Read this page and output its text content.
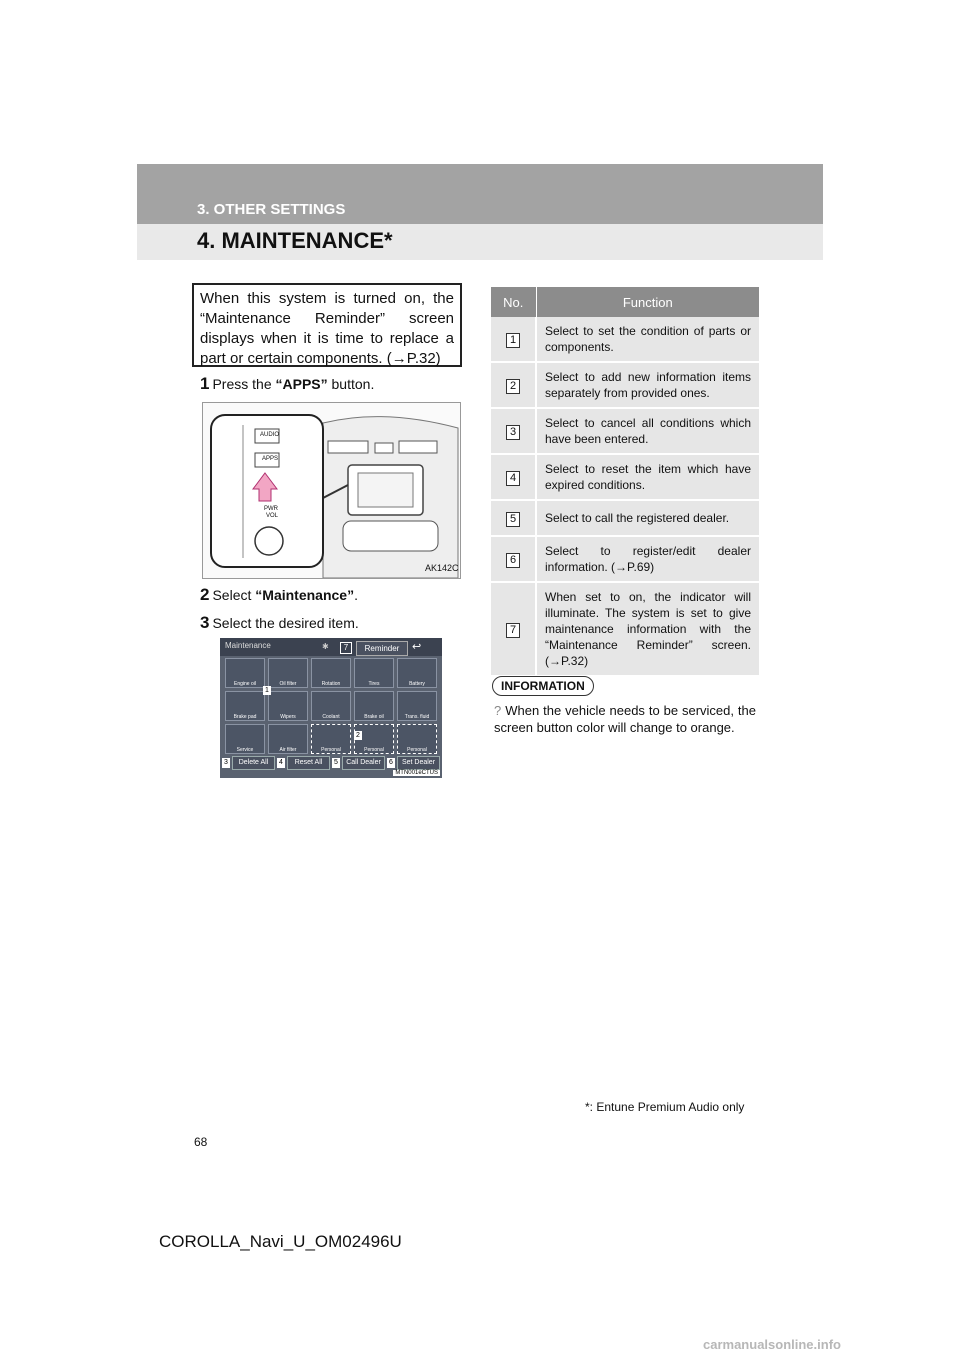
3. OTHER SETTINGS
4. MAINTENANCE*
When this system is turned on, the “Maintenance Reminder” screen displays when it is time to replace a part or certain components. (→P.32)
1 Press the “APPS” button.
AUDIO
APPS
PWR
VOL
AK142C
2 Select “Maintenance”.
3 Select the desired item.
Maintenance	✱	7	Reminder	↩
Engine oil	Oil filter	Rotation	Tires	Battery
Brake pad	Wipers	Coolant	Brake oil	Trans. fluid
Service	Air filter	Personal	Personal	Personal
1
2
3	Delete All	4	Reset All	5	Call Dealer	6	Set Dealer
MTN001eCTUS
No.	Function
1	Select to set the condition of parts or components.
2	Select to add new information items separately from provided ones.
3	Select to cancel all conditions which have been entered.
4	Select to reset the item which have expired conditions.
5	Select to call the registered dealer.
6	Select to register/edit dealer information. (→P.69)
7	When set to on, the indicator will illuminate. The system is set to give maintenance information with the “Maintenance Reminder” screen. (→P.32)
INFORMATION
? When the vehicle needs to be serviced, the screen button color will change to orange.
*: Entune Premium Audio only
68
COROLLA_Navi_U_OM02496U
carmanualsonline.info
